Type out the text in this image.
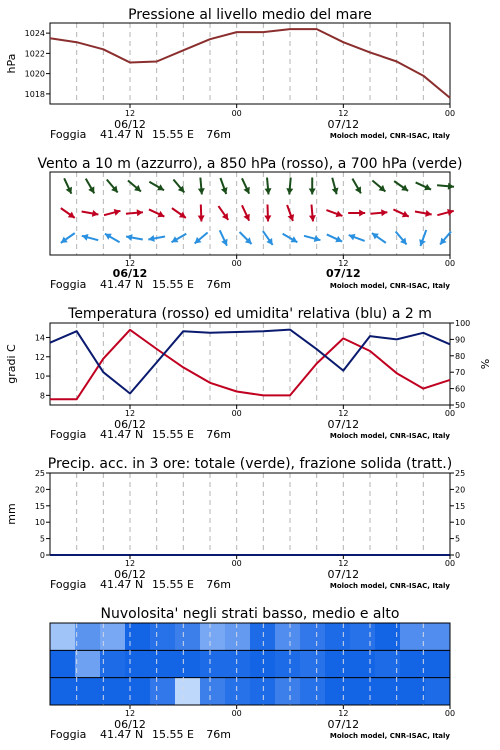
Pressione al livello medio del mare
1018
1020
1022
1024
hPa
12	00	12	00
06/12	07/12
Foggia 41.47 N 15.55 E 76m	Moloch model, CNR-ISAC, Italy
Vento a 10 m (azzurro), a 850 hPa (rosso), a 700 hPa (verde)
12	00	12	00
06/12	07/12
Foggia 41.47 N 15.55 E 76m	Moloch model, CNR-ISAC, Italy
Temperatura (rosso) ed umidita' relativa (blu) a 2 m
8
10
12
14
50
60
70
80
90
100
gradi C	%
12	00	12	00
06/12	07/12
Foggia 41.47 N 15.55 E 76m	Moloch model, CNR-ISAC, Italy
Precip. acc. in 3 ore: totale (verde), frazione solida (tratt.)
0
5
10
15
20
25
0
5
10
15
20
25
mm
12	00	12	00
06/12	07/12
Foggia 41.47 N 15.55 E 76m	Moloch model, CNR-ISAC, Italy
Nuvolosita' negli strati basso, medio e alto
12	00	12	00
06/12	07/12
Foggia 41.47 N 15.55 E 76m	Moloch model, CNR-ISAC, Italy
